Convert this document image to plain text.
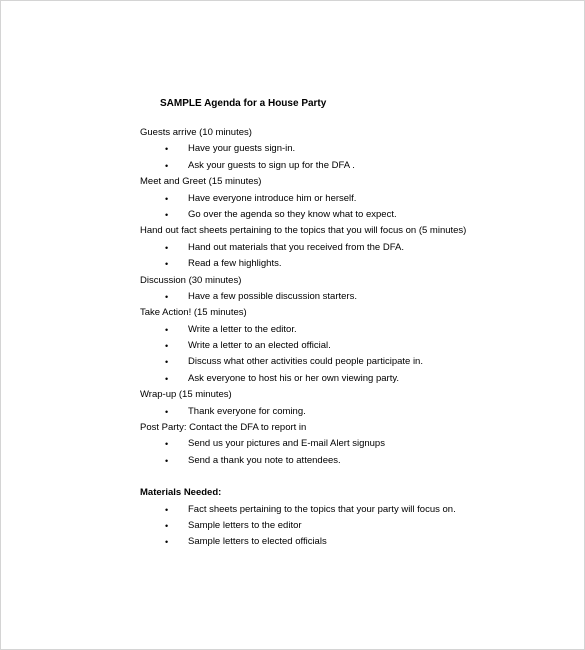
SAMPLE Agenda for a House Party
Guests arrive (10 minutes)
• Have your guests sign-in.
• Ask your guests to sign up for the DFA .
Meet and Greet (15 minutes)
• Have everyone introduce him or herself.
• Go over the agenda so they know what to expect.
Hand out fact sheets pertaining to the topics that you will focus on (5 minutes)
• Hand out materials that you received from the DFA.
• Read a few highlights.
Discussion (30 minutes)
• Have a few possible discussion starters.
Take Action! (15 minutes)
• Write a letter to the editor.
• Write a letter to an elected official.
• Discuss what other activities could people participate in.
• Ask everyone to host his or her own viewing party.
Wrap-up (15 minutes)
• Thank everyone for coming.
Post Party: Contact the DFA to report in
• Send us your pictures and E-mail Alert signups
• Send a thank you note to attendees.
Materials Needed:
• Fact sheets pertaining to the topics that your party will focus on.
• Sample letters to the editor
• Sample letters to elected officials
